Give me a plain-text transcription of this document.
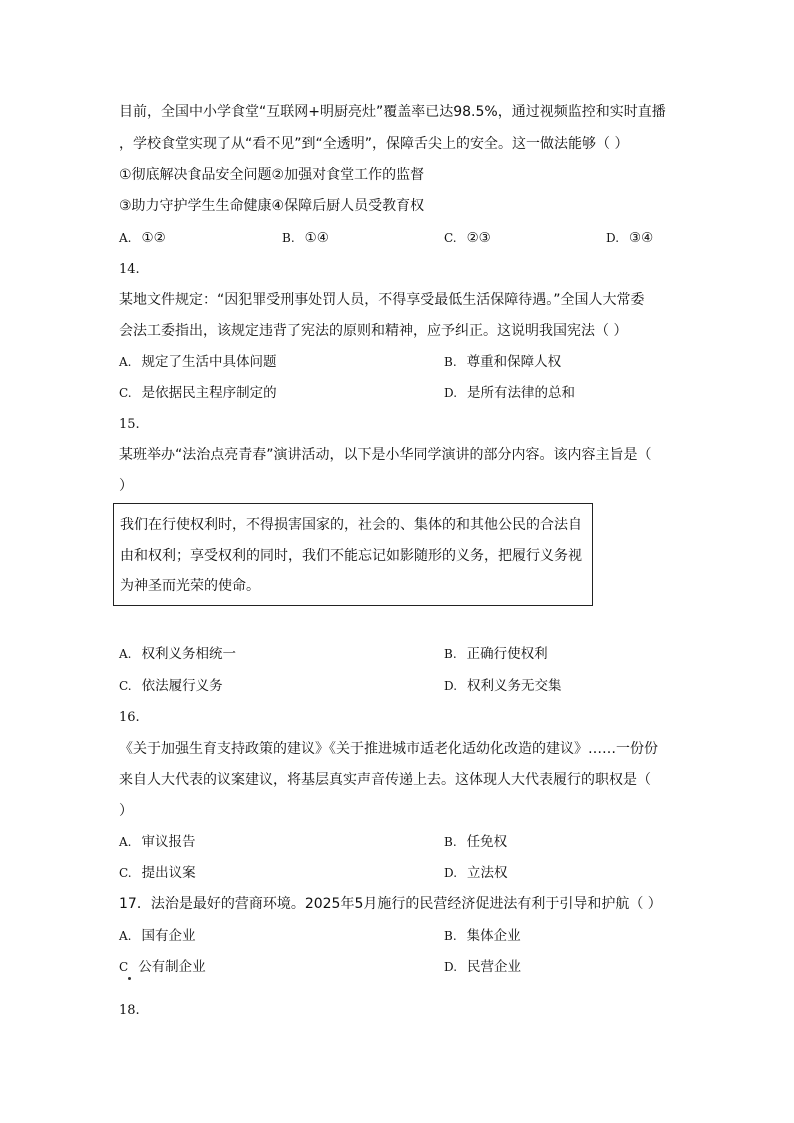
目前，全国中小学食堂“互联网+明厨亮灶”覆盖率已达98.5%，通过视频监控和实时直播
，学校食堂实现了从“看不见”到“全透明”，保障舌尖上的安全。这一做法能够（ ）
①彻底解决食品安全问题②加强对食堂工作的监督
③助力守护学生生命健康④保障后厨人员受教育权
A. ①②	B. ①④	C. ②③	D. ③④
14.
某地文件规定：“因犯罪受刑事处罚人员，不得享受最低生活保障待遇。”全国人大常委
会法工委指出，该规定违背了宪法的原则和精神，应予纠正。这说明我国宪法（ ）
A. 规定了生活中具体问题	B. 尊重和保障人权
C. 是依据民主程序制定的	D. 是所有法律的总和
15.
某班举办“法治点亮青春”演讲活动，以下是小华同学演讲的部分内容。该内容主旨是（
）
我们在行使权利时，不得损害国家的，社会的、集体的和其他公民的合法自
由和权利；享受权利的同时，我们不能忘记如影随形的义务，把履行义务视
为神圣而光荣的使命。
A. 权利义务相统一	B. 正确行使权利
C. 依法履行义务	D. 权利义务无交集
16.
《关于加强生育支持政策的建议》《关于推进城市适老化适幼化改造的建议》……一份份
来自人大代表的议案建议，将基层真实声音传递上去。这体现人大代表履行的职权是（
）
A. 审议报告	B. 任免权
C. 提出议案	D. 立法权
17．法治是最好的营商环境。2025年5月施行的民营经济促进法有利于引导和护航（ ）
A. 国有企业	B. 集体企业
C 公有制企业	D. 民营企业
18.
